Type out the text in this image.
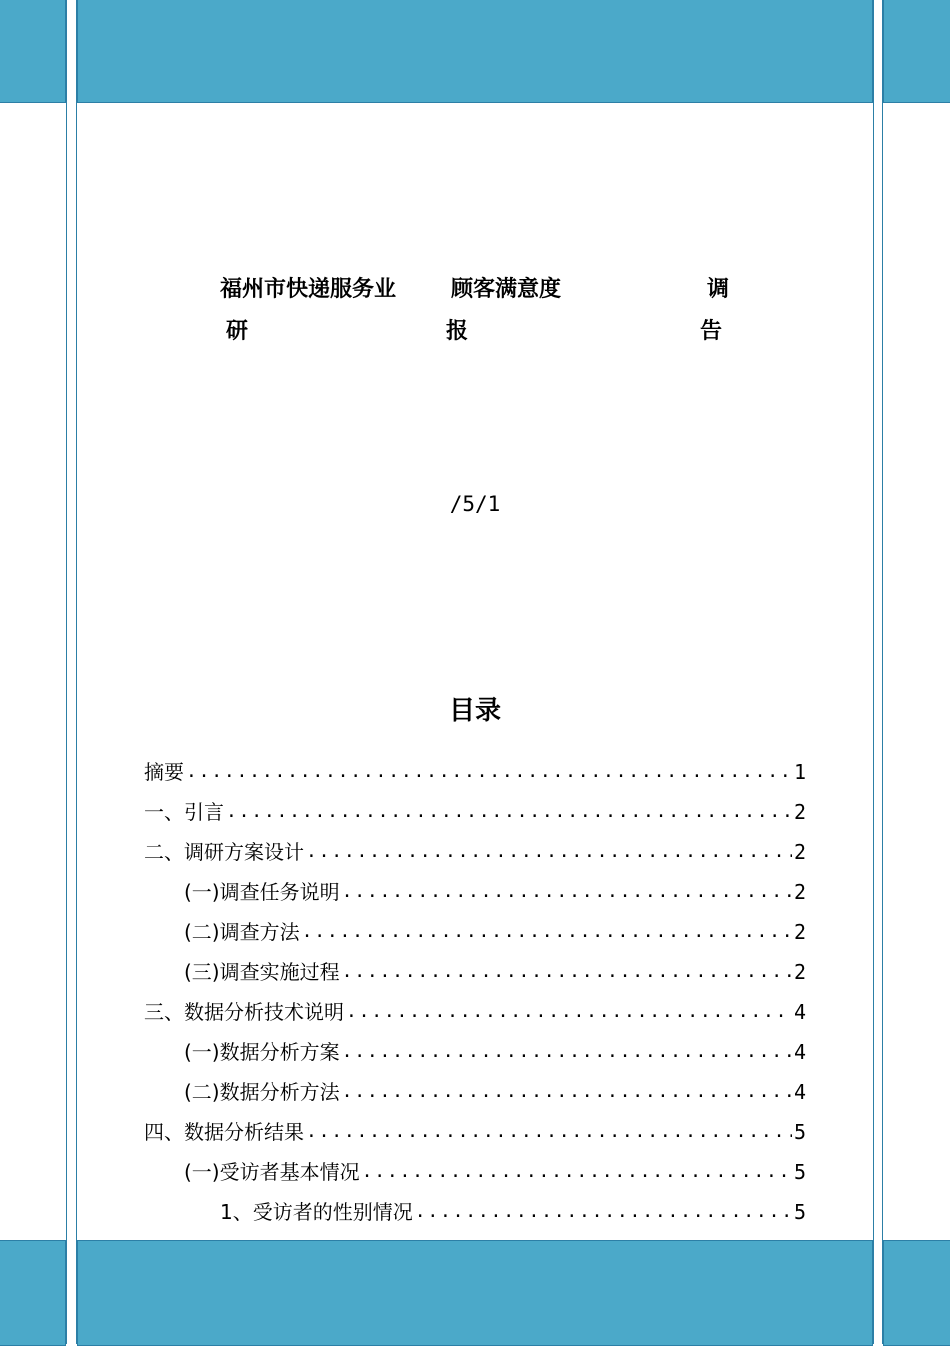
福州市快递服务业 顾客满意度	调
研	报	告
/5/1
目录
摘要 .....	1
一、引言 .....	2
二、调研方案设计 .....	2
(一)调查任务说明 .....	2
(二)调查方法 .....	2
(三)调查实施过程 .....	2
三、数据分析技术说明 .....	4
(一)数据分析方案 .....	4
(二)数据分析方法 .....	4
四、数据分析结果 .....	5
(一)受访者基本情况 .....	5
1、受访者的性别情况 .....	5
